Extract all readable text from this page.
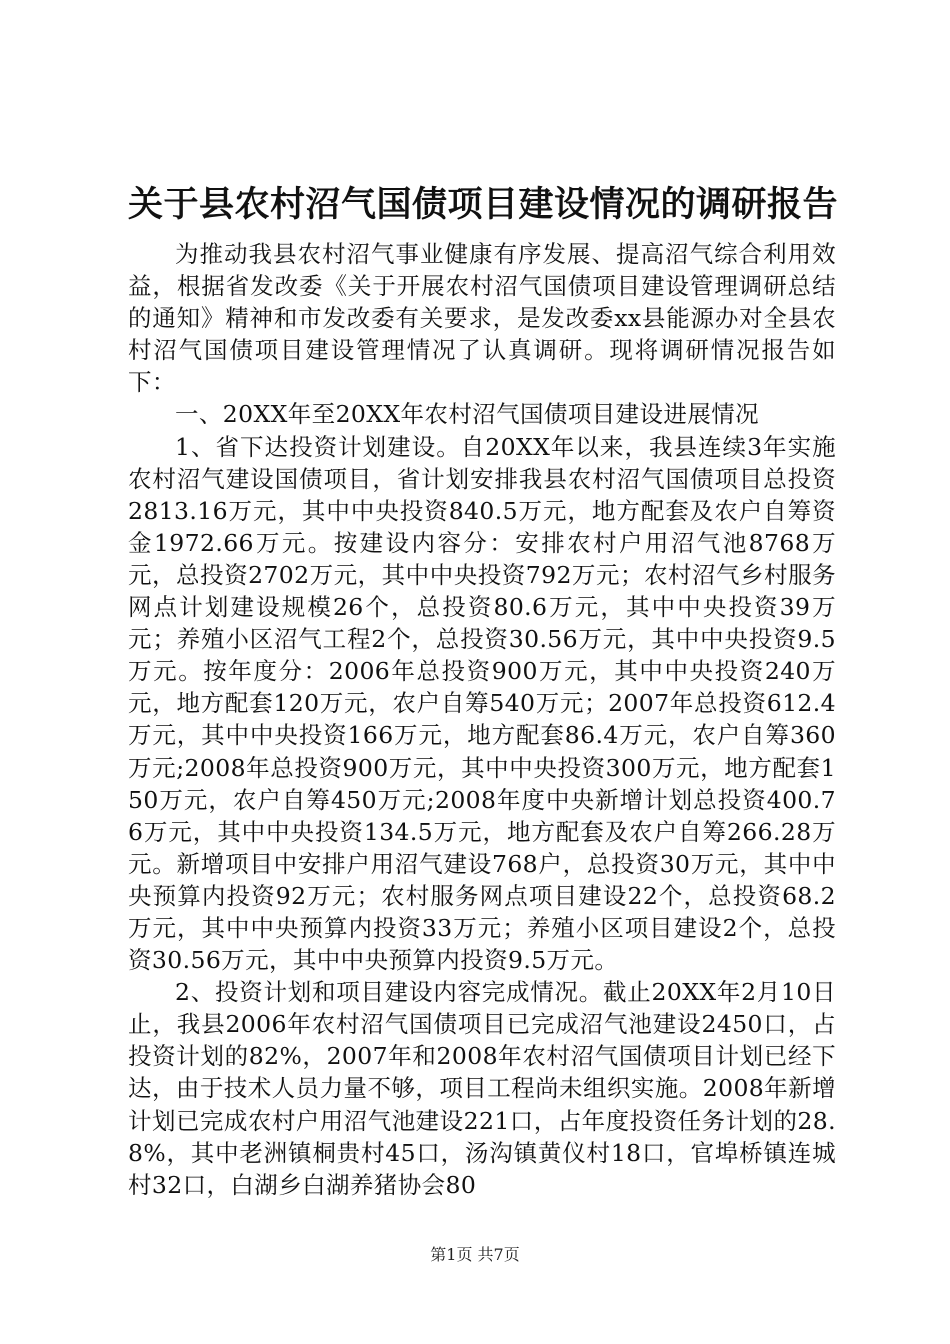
关于县农村沼气国债项目建设情况的调研报告

为推动我县农村沼气事业健康有序发展、提高沼气综合利用效益，根据省发改委《关于开展农村沼气国债项目建设管理调研总结的通知》精神和市发改委有关要求，是发改委xx县能源办对全县农村沼气国债项目建设管理情况了认真调研。现将调研情况报告如下：

一、20XX年至20XX年农村沼气国债项目建设进展情况

1、省下达投资计划建设。自20XX年以来，我县连续3年实施农村沼气建设国债项目，省计划安排我县农村沼气国债项目总投资2813.16万元，其中中央投资840.5万元，地方配套及农户自筹资金1972.66万元。按建设内容分：安排农村户用沼气池8768万元，总投资2702万元，其中中央投资792万元；农村沼气乡村服务网点计划建设规模26个，总投资80.6万元，其中中央投资39万元；养殖小区沼气工程2个，总投资30.56万元，其中中央投资9.5万元。按年度分：2006年总投资900万元，其中中央投资240万元，地方配套120万元，农户自筹540万元；2007年总投资612.4万元，其中中央投资166万元，地方配套86.4万元，农户自筹360万元;2008年总投资900万元，其中中央投资300万元，地方配套150万元，农户自筹450万元;2008年度中央新增计划总投资400.76万元，其中中央投资134.5万元，地方配套及农户自筹266.28万元。新增项目中安排户用沼气建设768户，总投资30万元，其中中央预算内投资92万元；农村服务网点项目建设22个，总投资68.2万元，其中中央预算内投资33万元；养殖小区项目建设2个，总投资30.56万元，其中中央预算内投资9.5万元。

2、投资计划和项目建设内容完成情况。截止20XX年2月10日止，我县2006年农村沼气国债项目已完成沼气池建设2450口，占投资计划的82%，2007年和2008年农村沼气国债项目计划已经下达，由于技术人员力量不够，项目工程尚未组织实施。2008年新增计划已完成农村户用沼气池建设221口，占年度投资任务计划的28.8%，其中老洲镇桐贵村45口，汤沟镇黄仪村18口，官埠桥镇连城村32口，白湖乡白湖养猪协会80

第1页 共7页
